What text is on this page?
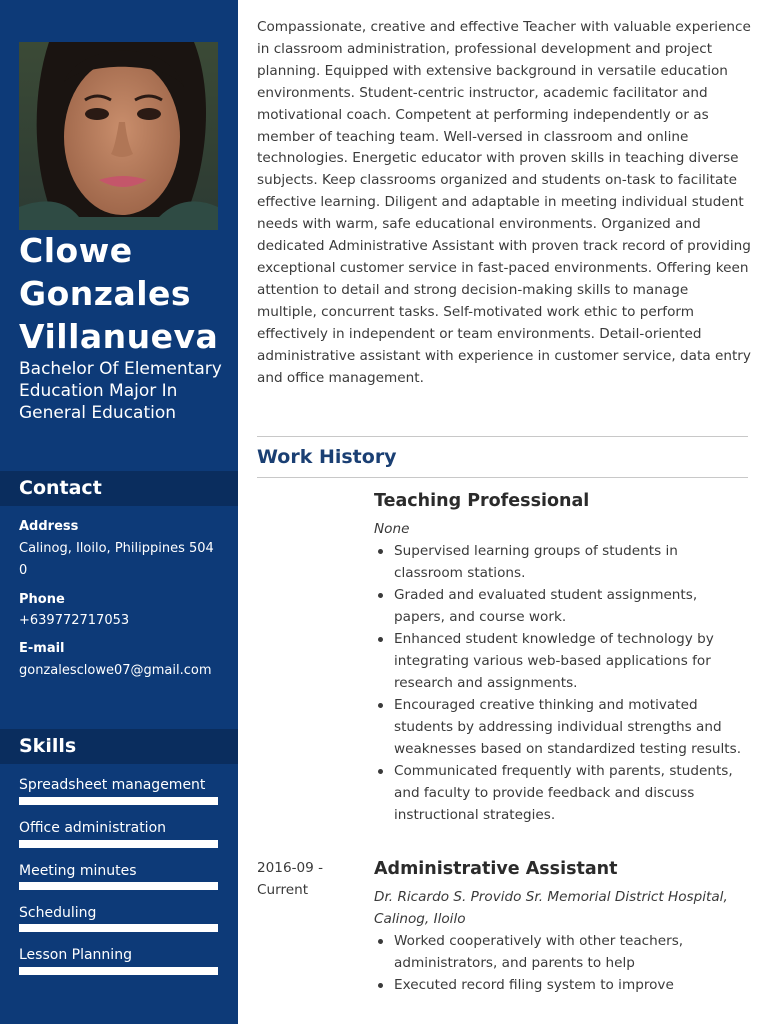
Clowe Gonzales Villanueva
Bachelor Of Elementary Education Major In General Education
Contact
Address
Calinog, Iloilo, Philippines 5040
Phone
+639772717053
E-mail
gonzalesclowe07@gmail.com
Skills
Spreadsheet management
Office administration
Meeting minutes
Scheduling
Lesson Planning

Compassionate, creative and effective Teacher with valuable experience in classroom administration, professional development and project planning. Equipped with extensive background in versatile education environments. Student-centric instructor, academic facilitator and motivational coach. Competent at performing independently or as member of teaching team. Well-versed in classroom and online technologies. Energetic educator with proven skills in teaching diverse subjects. Keep classrooms organized and students on-task to facilitate effective learning. Diligent and adaptable in meeting individual student needs with warm, safe educational environments. Organized and dedicated Administrative Assistant with proven track record of providing exceptional customer service in fast-paced environments. Offering keen attention to detail and strong decision-making skills to manage multiple, concurrent tasks. Self-motivated work ethic to perform effectively in independent or team environments. Detail-oriented administrative assistant with experience in customer service, data entry and office management.

Work History
Teaching Professional
None
Supervised learning groups of students in classroom stations.
Graded and evaluated student assignments, papers, and course work.
Enhanced student knowledge of technology by integrating various web-based applications for research and assignments.
Encouraged creative thinking and motivated students by addressing individual strengths and weaknesses based on standardized testing results.
Communicated frequently with parents, students, and faculty to provide feedback and discuss instructional strategies.
2016-09 - Current
Administrative Assistant
Dr. Ricardo S. Provido Sr. Memorial District Hospital, Calinog, Iloilo
Worked cooperatively with other teachers, administrators, and parents to help
Executed record filing system to improve
